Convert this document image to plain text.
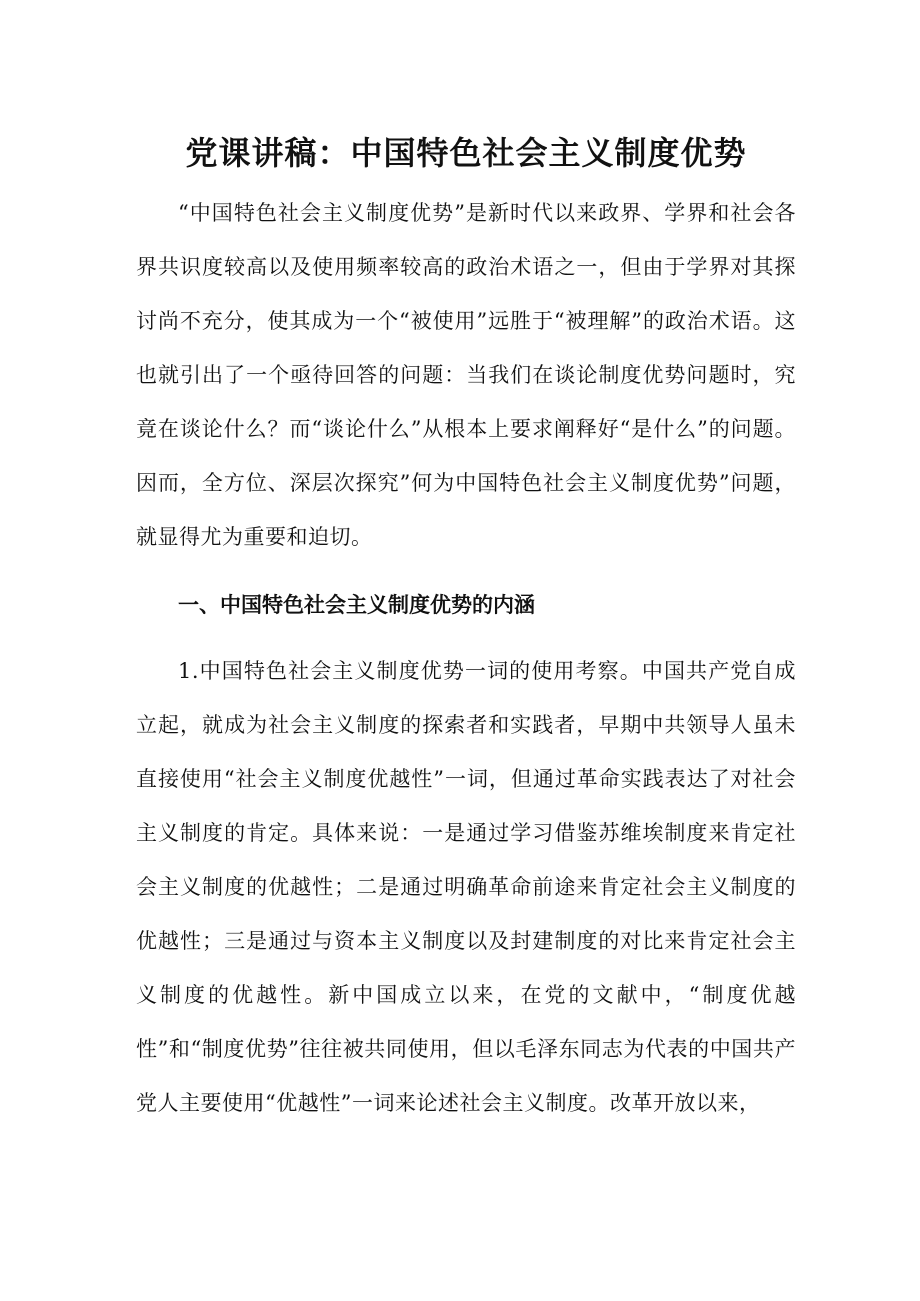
党课讲稿：中国特色社会主义制度优势

“中国特色社会主义制度优势”是新时代以来政界、学界和社会各界共识度较高以及使用频率较高的政治术语之一，但由于学界对其探讨尚不充分，使其成为一个“被使用”远胜于“被理解”的政治术语。这也就引出了一个亟待回答的问题：当我们在谈论制度优势问题时，究竟在谈论什么？而“谈论什么”从根本上要求阐释好“是什么”的问题。因而，全方位、深层次探究”何为中国特色社会主义制度优势”问题，就显得尤为重要和迫切。

一、中国特色社会主义制度优势的内涵

1.中国特色社会主义制度优势一词的使用考察。中国共产党自成立起，就成为社会主义制度的探索者和实践者，早期中共领导人虽未直接使用“社会主义制度优越性”一词，但通过革命实践表达了对社会主义制度的肯定。具体来说：一是通过学习借鉴苏维埃制度来肯定社会主义制度的优越性；二是通过明确革命前途来肯定社会主义制度的优越性；三是通过与资本主义制度以及封建制度的对比来肯定社会主义制度的优越性。新中国成立以来，在党的文献中，“制度优越性”和“制度优势”往往被共同使用，但以毛泽东同志为代表的中国共产党人主要使用“优越性”一词来论述社会主义制度。改革开放以来，
